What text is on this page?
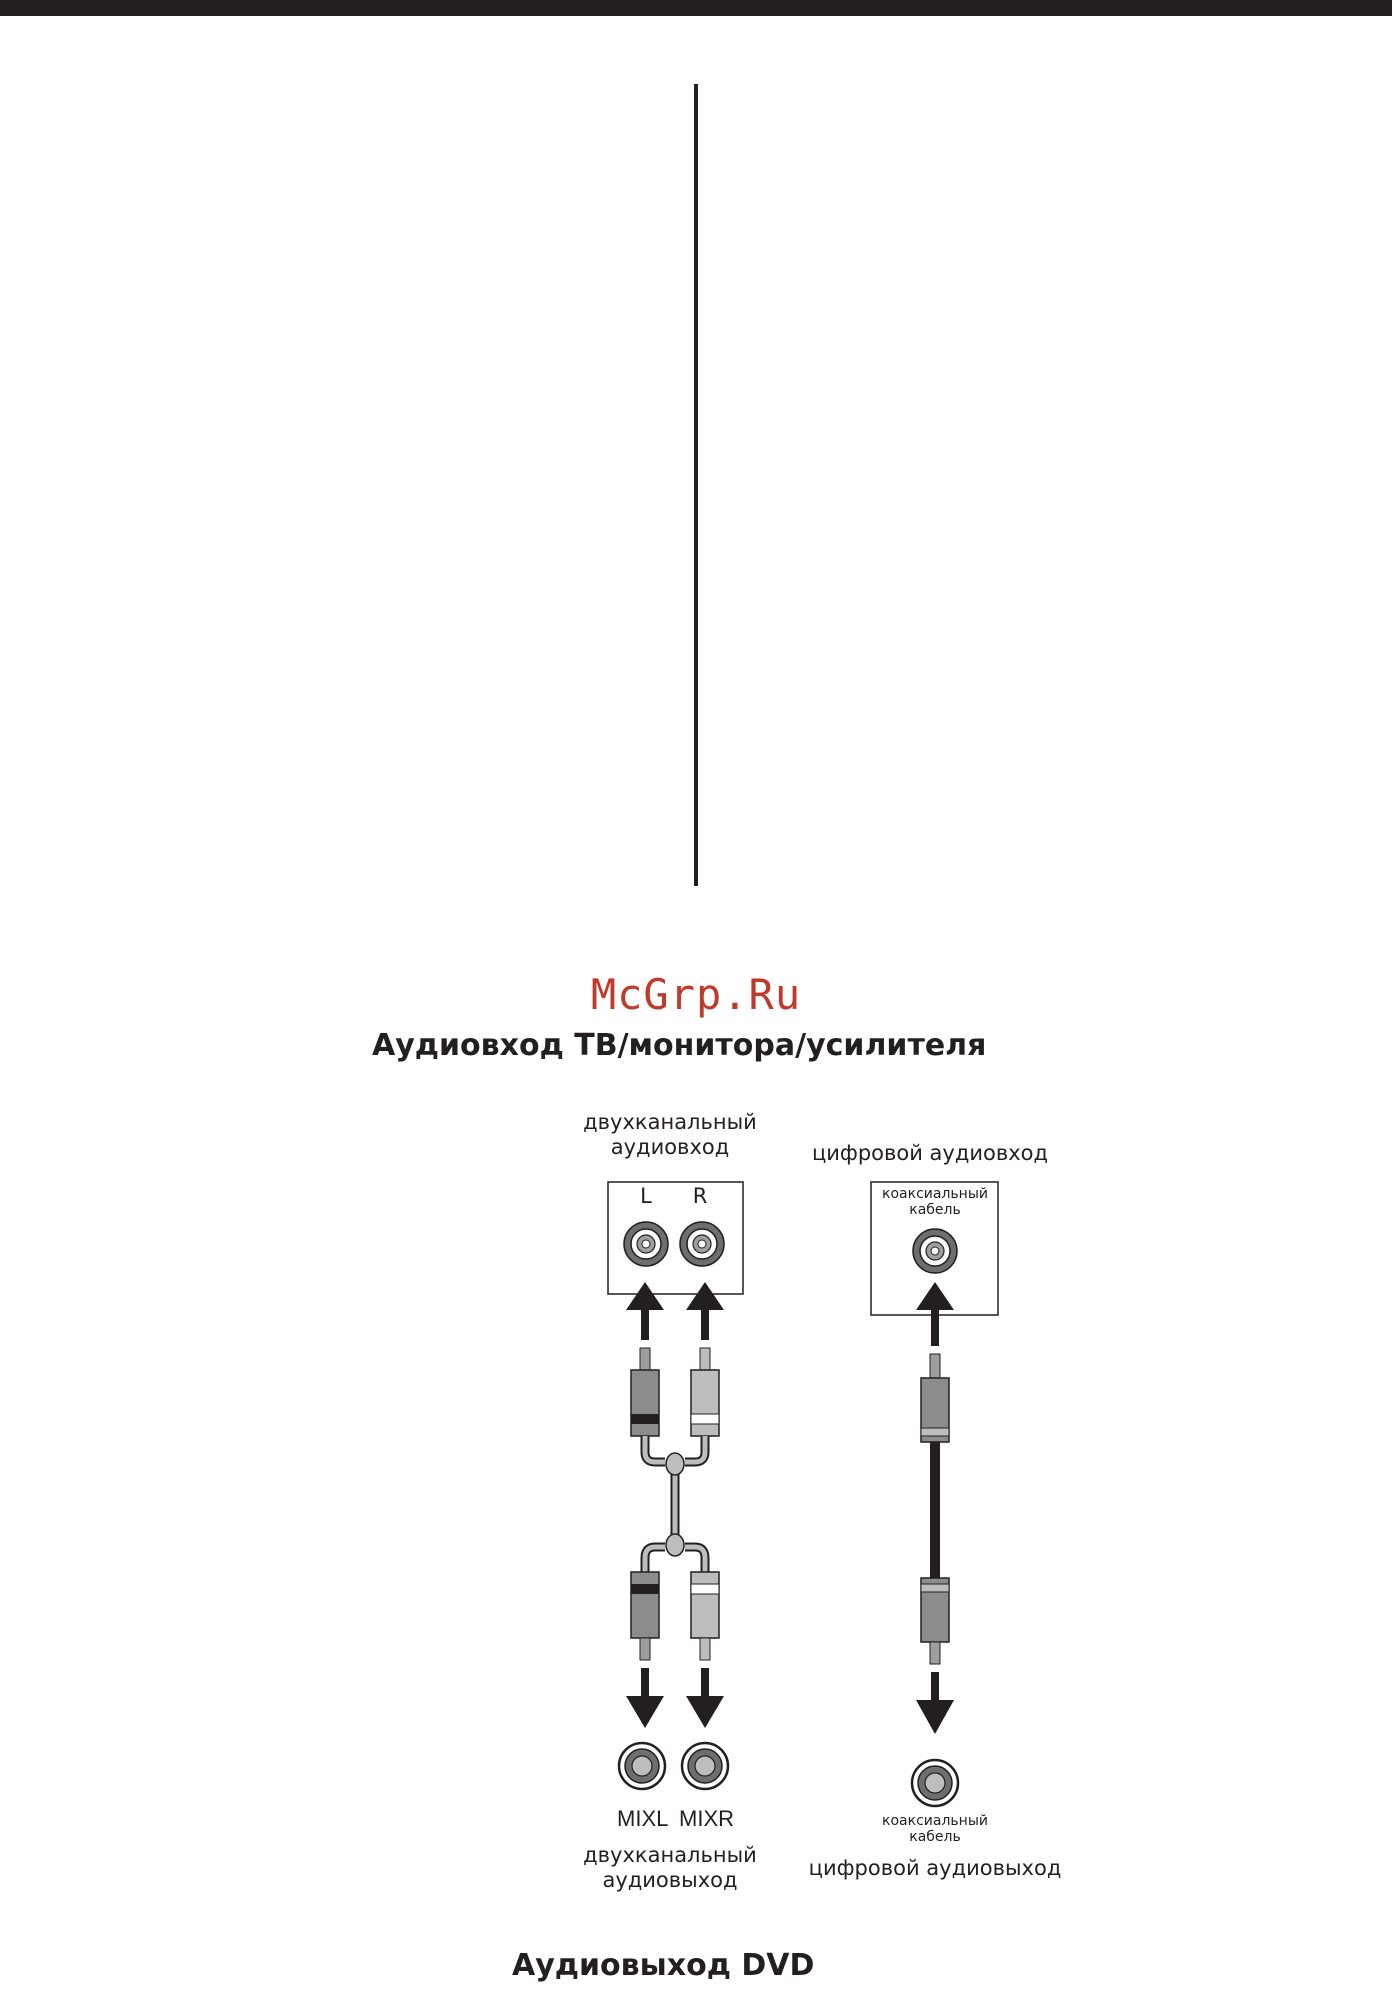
McGrp.Ru
Аудиовход ТВ/монитора/усилителя
двухканальный
аудиовход	цифровой аудиовход
L R	коаксиальный
кабель
MIXL MIXR
двухканальный
аудиовыход
коаксиальный
кабель
цифровой аудиовыход
Аудиовыход DVD
